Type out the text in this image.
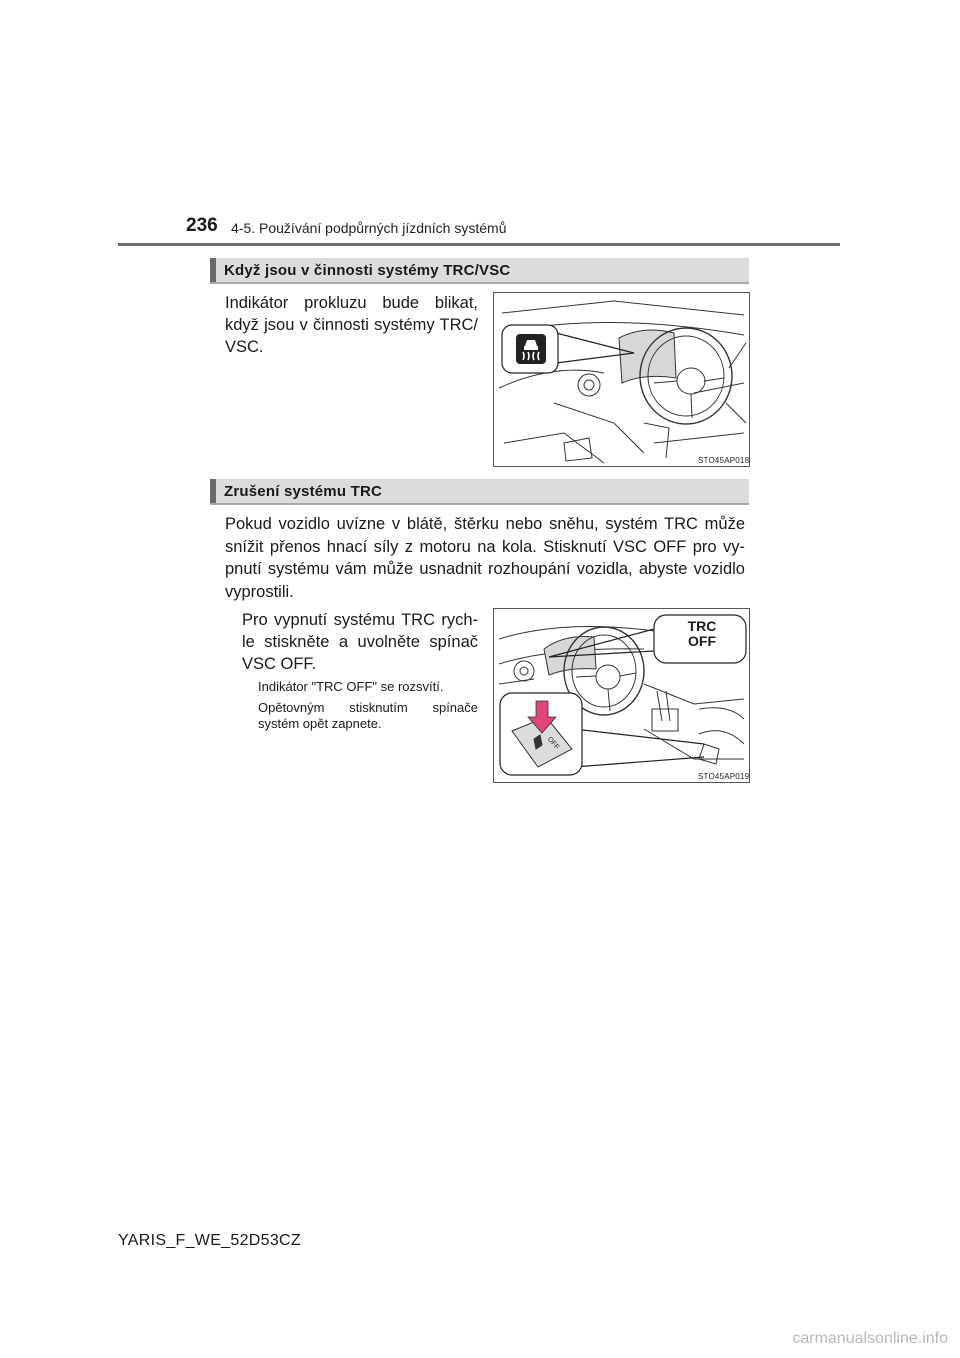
236 4-5. Používání podpůrných jízdních systémů
Když jsou v činnosti systémy TRC/VSC
Indikátor prokluzu bude blikat, když jsou v činnosti systémy TRC/ VSC.
STO45AP018
Zrušení systému TRC
Pokud vozidlo uvízne v blátě, štěrku nebo sněhu, systém TRC může snížit přenos hnací síly z motoru na kola. Stisknutí VSC OFF pro vy-pnutí systému vám může usnadnit rozhoupání vozidla, abyste vozidlo vyprostili.
Pro vypnutí systému TRC rych-le stiskněte a uvolněte spínač VSC OFF.
Indikátor "TRC OFF" se rozsvítí.
Opětovným stisknutím spínače systém opět zapnete.
TRC
OFF
OFF
STO45AP019
YARIS_F_WE_52D53CZ
carmanualsonline.info
